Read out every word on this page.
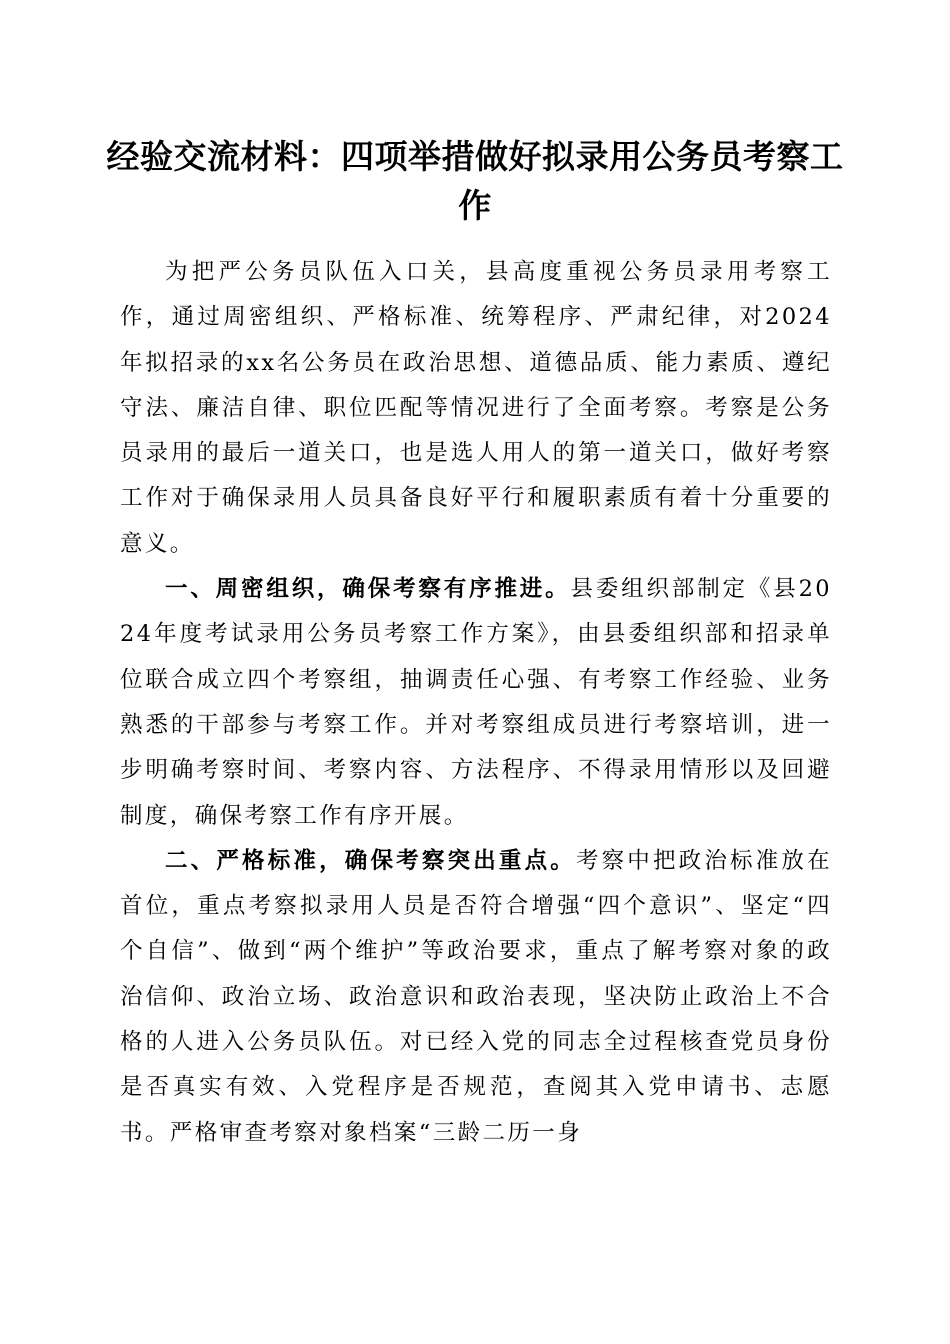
经验交流材料：四项举措做好拟录用公务员考察工作

为把严公务员队伍入口关，县高度重视公务员录用考察工作，通过周密组织、严格标准、统筹程序、严肃纪律，对2024年拟招录的xx名公务员在政治思想、道德品质、能力素质、遵纪守法、廉洁自律、职位匹配等情况进行了全面考察。考察是公务员录用的最后一道关口，也是选人用人的第一道关口，做好考察工作对于确保录用人员具备良好平行和履职素质有着十分重要的意义。

一、周密组织，确保考察有序推进。县委组织部制定《县2024年度考试录用公务员考察工作方案》，由县委组织部和招录单位联合成立四个考察组，抽调责任心强、有考察工作经验、业务熟悉的干部参与考察工作。并对考察组成员进行考察培训，进一步明确考察时间、考察内容、方法程序、不得录用情形以及回避制度，确保考察工作有序开展。

二、严格标准，确保考察突出重点。考察中把政治标准放在首位，重点考察拟录用人员是否符合增强“四个意识”、坚定“四个自信”、做到“两个维护”等政治要求，重点了解考察对象的政治信仰、政治立场、政治意识和政治表现，坚决防止政治上不合格的人进入公务员队伍。对已经入党的同志全过程核查党员身份是否真实有效、入党程序是否规范，查阅其入党申请书、志愿书。严格审查考察对象档案“三龄二历一身
